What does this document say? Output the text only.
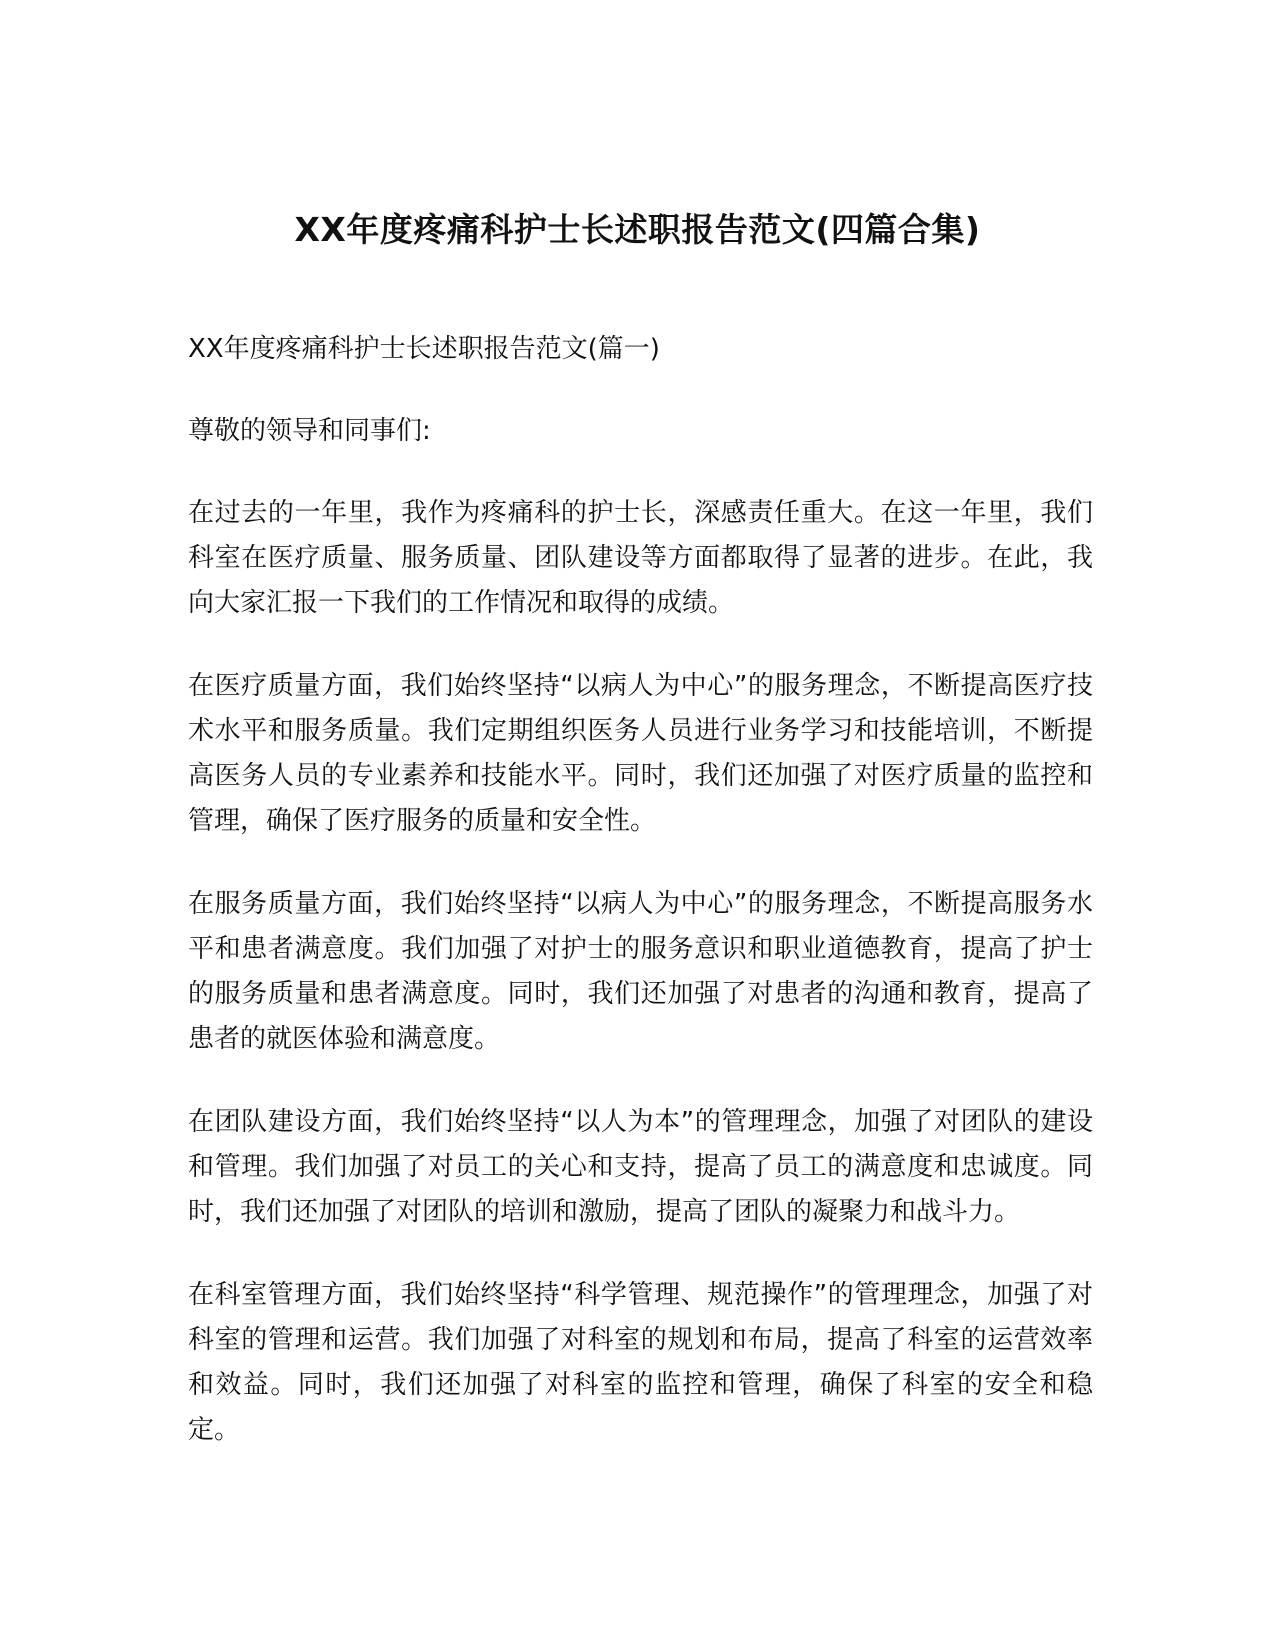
XX年度疼痛科护士长述职报告范文(四篇合集)

XX年度疼痛科护士长述职报告范文(篇一)

尊敬的领导和同事们:

在过去的一年里，我作为疼痛科的护士长，深感责任重大。在这一年里，我们科室在医疗质量、服务质量、团队建设等方面都取得了显著的进步。在此，我向大家汇报一下我们的工作情况和取得的成绩。

在医疗质量方面，我们始终坚持“以病人为中心”的服务理念，不断提高医疗技术水平和服务质量。我们定期组织医务人员进行业务学习和技能培训，不断提高医务人员的专业素养和技能水平。同时，我们还加强了对医疗质量的监控和管理，确保了医疗服务的质量和安全性。

在服务质量方面，我们始终坚持“以病人为中心”的服务理念，不断提高服务水平和患者满意度。我们加强了对护士的服务意识和职业道德教育，提高了护士的服务质量和患者满意度。同时，我们还加强了对患者的沟通和教育，提高了患者的就医体验和满意度。

在团队建设方面，我们始终坚持“以人为本”的管理理念，加强了对团队的建设和管理。我们加强了对员工的关心和支持，提高了员工的满意度和忠诚度。同时，我们还加强了对团队的培训和激励，提高了团队的凝聚力和战斗力。

在科室管理方面，我们始终坚持“科学管理、规范操作”的管理理念，加强了对科室的管理和运营。我们加强了对科室的规划和布局，提高了科室的运营效率和效益。同时，我们还加强了对科室的监控和管理，确保了科室的安全和稳定。
